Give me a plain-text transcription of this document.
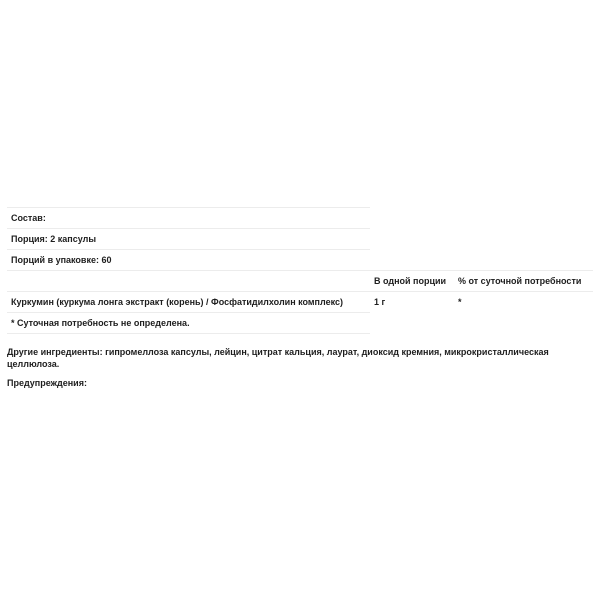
Состав:
Порция: 2 капсулы
Порций в упаковке: 60
В одной порции % от суточной потребности
Куркумин (куркума лонга экстракт (корень) / Фосфатидилхолин комплекс)	1 г	*
* Суточная потребность не определена.
Другие ингредиенты: гипромеллоза капсулы, лейцин, цитрат кальция, лаурат, диоксид кремния, микрокристаллическая целлюлоза.
Предупреждения:
